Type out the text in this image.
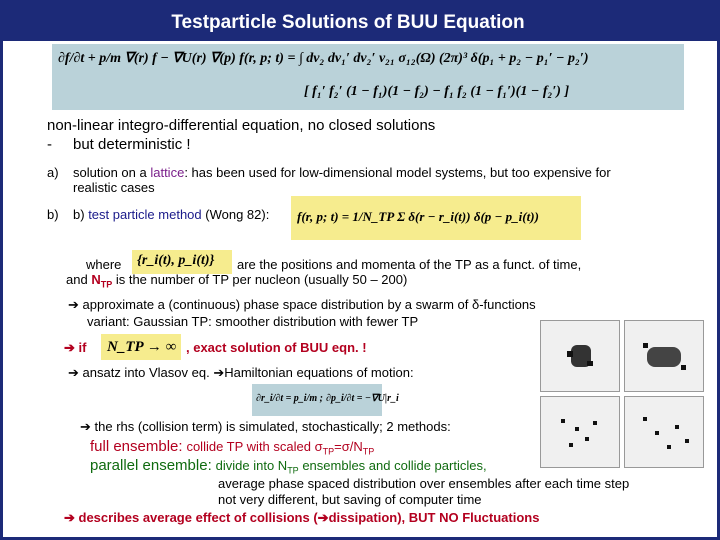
Testparticle Solutions of BUU Equation
∂f/∂t + p/m ∇(r) f − ∇U(r) ∇(p) f(r, p; t) = ∫ dv₂ dv₁′ dv₂′ v₂₁ σ₁₂(Ω) (2π)³ δ(p₁ + p₂ − p₁′ − p₂′)
[ f₁′ f₂′ (1 − f₁)(1 − f₂) − f₁ f₂ (1 − f₁′)(1 − f₂′) ]
non-linear integro-differential equation, no closed solutions
- but deterministic !
a) solution on a lattice: has been used for low-dimensional model systems, but too expensive for
realistic cases
b) b) test particle method (Wong 82): f(r, p; t) = 1/N_TP Σ δ(r − r_i(t)) δ(p − p_i(t))
where {r_i(t), p_i(t)} are the positions and momenta of the TP as a funct. of time,
and $N_{TP}$ is the number of TP per nucleon (usually 50 – 200)
➔ approximate a (continuous) phase space distribution by a swarm of δ-functions
variant: Gaussian TP: smoother distribution with fewer TP
➔ if N_TP → ∞ , exact solution of BUU eqn. !
➔ ansatz into Vlasov eq. ➔Hamiltonian equations of motion:
∂r_i/∂t = p_i/m ; ∂p_i/∂t = −∇U|r_i
➔ the rhs (collision term) is simulated, stochastically; 2 methods:
full ensemble: collide TP with scaled $\sigma_{TP}=\sigma/N_{TP}$
parallel ensemble: divide into $N_{TP}$ ensembles and collide particles,
average phase spaced distribution over ensembles after each time step
not very different, but saving of computer time
➔ describes average effect of collisions (➔dissipation), BUT NO Fluctuations
